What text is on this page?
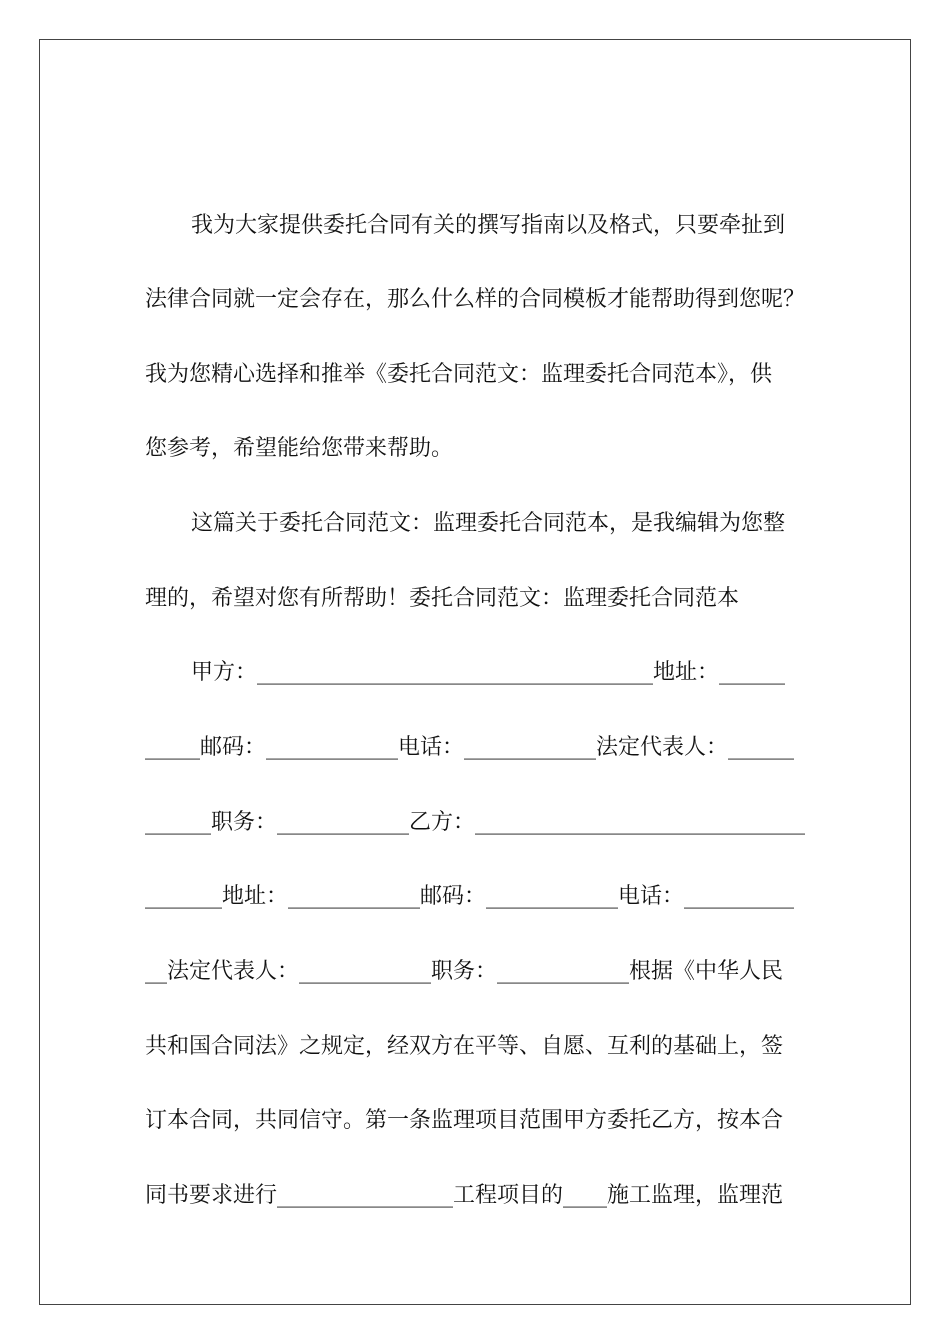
我为大家提供委托合同有关的撰写指南以及格式，只要牵扯到
法律合同就一定会存在，那么什么样的合同模板才能帮助得到您呢？
我为您精心选择和推举《委托合同范文：监理委托合同范本》，供
您参考，希望能给您带来帮助。
这篇关于委托合同范文：监理委托合同范本，是我编辑为您整
理的，希望对您有所帮助！委托合同范文：监理委托合同范本
甲方：____________________________________地址：______
_____邮码：____________电话：____________法定代表人：______
______职务：____________乙方：______________________________
_______地址：____________邮码：____________电话：__________
__法定代表人：____________职务：____________根据《中华人民
共和国合同法》之规定，经双方在平等、自愿、互利的基础上，签
订本合同，共同信守。第一条监理项目范围甲方委托乙方，按本合
同书要求进行________________工程项目的____施工监理，监理范
